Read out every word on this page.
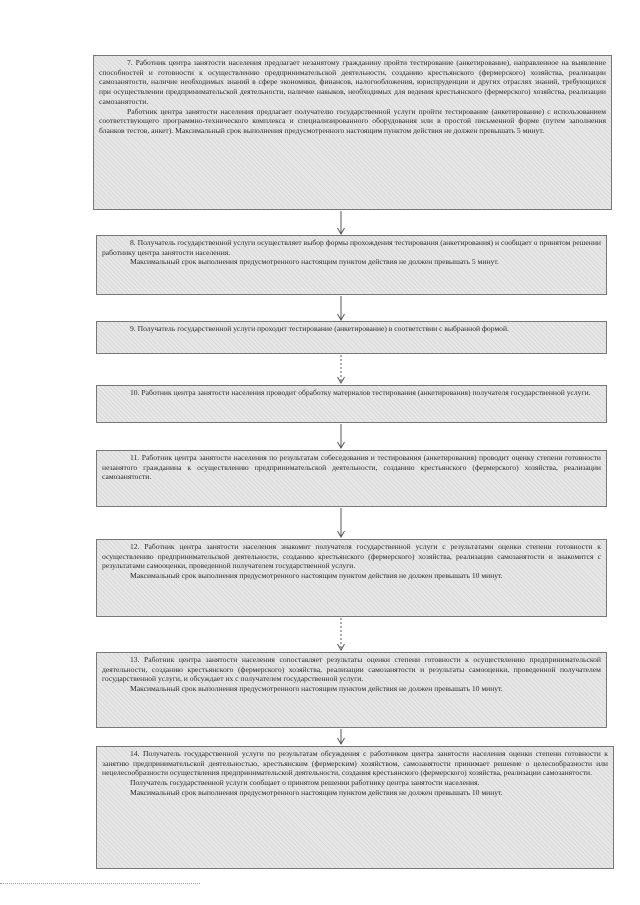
7. Работник центра занятости населения предлагает незанятому гражданину пройти тестирование (анкетирование), направленное на выявление способностей и готовности к осуществлению предпринимательской деятельности, созданию крестьянского (фермерского) хозяйства, реализации самозанятости, наличие необходимых знаний в сфере экономики, финансов, налогообложения, юриспруденции и других отраслях знаний, требующихся при осуществлении предпринимательской деятельности, наличие навыков, необходимых для ведения крестьянского (фермерского) хозяйства, реализации самозанятости.

Работник центра занятости населения предлагает получателю государственной услуги пройти тестирование (анкетирование) с использованием соответствующего программно-технического комплекса и специализированного оборудования или в простой письменной форме (путем заполнения бланков тестов, анкет). Максимальный срок выполнения предусмотренного настоящим пунктом действия не должен превышать 5 минут.

8. Получатель государственной услуги осуществляет выбор формы прохождения тестирования (анкетирования) и сообщает о принятом решении работнику центра занятости населения.

Максимальный срок выполнения предусмотренного настоящим пунктом действия не должен превышать 5 минут.

9. Получатель государственной услуги проходит тестирование (анкетирование) в соответствии с выбранной формой.

10. Работник центра занятости населения проводит обработку материалов тестирования (анкетирования) получателя государственной услуги.

11. Работник центра занятости населения по результатам собеседования и тестирования (анкетирования) проводит оценку степени готовности незанятого гражданина к осуществлению предпринимательской деятельности, созданию крестьянского (фермерского) хозяйства, реализации самозанятости.

12. Работник центра занятости населения знакомит получателя государственной услуги с результатами оценки степени готовности к осуществлению предпринимательской деятельности, созданию крестьянского (фермерского) хозяйства, реализации самозанятости и знакомится с результатами самооценки, проведенной получателем государственной услуги.

Максимальный срок выполнения предусмотренного настоящим пунктом действия не должен превышать 10 минут.

13. Работник центра занятости населения сопоставляет результаты оценки степени готовности к осуществлению предпринимательской деятельности, созданию крестьянского (фермерского) хозяйства, реализации самозанятости и результаты самооценки, проведенной получателем государственной услуги, и обсуждает их с получателем государственной услуги.

Максимальный срок выполнения предусмотренного настоящим пунктом действия не должен превышать 10 минут.

14. Получатель государственной услуги по результатам обсуждения с работником центра занятости населения оценки степени готовности к занятию предпринимательской деятельностью, крестьянским (фермерским) хозяйством, самозанятости принимает решение о целесообразности или нецелесообразности осуществления предпринимательской деятельности, создания крестьянского (фермерского) хозяйства, реализации самозанятости.

Получатель государственной услуги сообщает о принятом решении работнику центра занятости населения.

Максимальный срок выполнения предусмотренного настоящим пунктом действия не должен превышать 10 минут.
